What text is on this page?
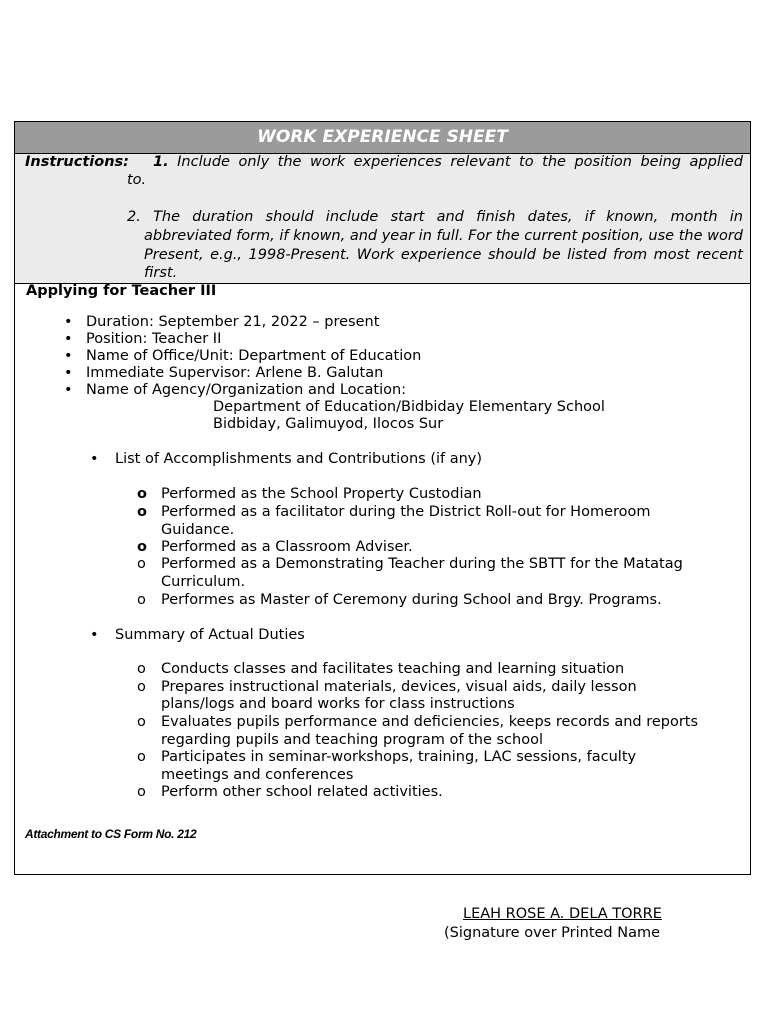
WORK EXPERIENCE SHEET
Instructions: 1. Include only the work experiences relevant to the position being applied
to.
2. The duration should include start and finish dates, if known, month in
abbreviated form, if known, and year in full. For the current position, use the word Present, e.g., 1998-Present. Work experience should be listed from most recent first.
Applying for Teacher III
• Duration: September 21, 2022 – present
• Position: Teacher II
• Name of Office/Unit: Department of Education
• Immediate Supervisor: Arlene B. Galutan
• Name of Agency/Organization and Location:
Department of Education/Bidbiday Elementary School
Bidbiday, Galimuyod, Ilocos Sur
• List of Accomplishments and Contributions (if any)
o Performed as the School Property Custodian
o Performed as a facilitator during the District Roll-out for Homeroom
Guidance.
o Performed as a Classroom Adviser.
o Performed as a Demonstrating Teacher during the SBTT for the Matatag
Curriculum.
o Performes as Master of Ceremony during School and Brgy. Programs.
• Summary of Actual Duties
o Conducts classes and facilitates teaching and learning situation
o Prepares instructional materials, devices, visual aids, daily lesson
plans/logs and board works for class instructions
o Evaluates pupils performance and deficiencies, keeps records and reports
regarding pupils and teaching program of the school
o Participates in seminar-workshops, training, LAC sessions, faculty
meetings and conferences
o Perform other school related activities.
Attachment to CS Form No. 212
LEAH ROSE A. DELA TORRE
(Signature over Printed Name
